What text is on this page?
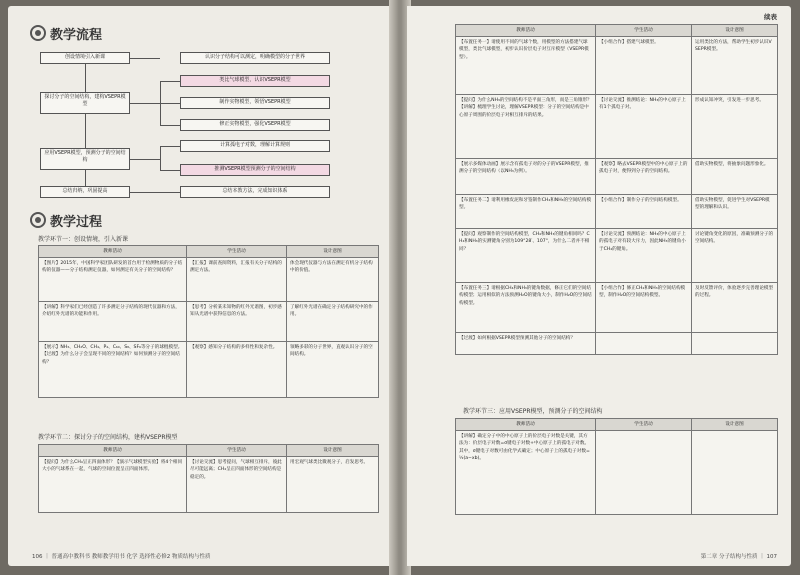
教学流程
创设情境引入新课
探讨分子的空间结构，建构VSEPR模型
应用VSEPR模型，预测分子的空间结构
总结归纳，巩固提高
认识分子结构可以测定，明确模型的分子世界
类比气球模型，认识VSEPR模型
制作实物模型，领悟VSEPR模型
修正实物模型，强化VSEPR模型
计算孤电子对数，理解计算规则
推测VSEPR模型预测分子的空间结构
总结本教方法，完成知识体系
教学过程
教学环节一：创设情境，引入新课
教师活动	学生活动	设计意图
【图片】2015年，中国科学家团队研发的首台用于检测物质的分子结构的仪器——分子结构测定仪器，如何测定有关分子的空间结构？	【汇报】课前查阅资料，汇报有关分子结构的测定方法。	体会现代仪器与方法在测定有机分子结构中的价值。
【讲解】科学家们已经创造了许多测定分子结构的现代仪器和方法，介绍红外光谱的功能和作用。	【思考】分析某未知物的红外光谱图，初步感知从光谱中获得信息的方法。	了解红外光谱在确定分子结构研究中的作用。
【展示】NH₃、CH₂O、CH₄、P₄、C₆₀、S₈、SF₆等分子的球棍模型。【过渡】为什么分子会呈现不同的空间结构？如何预测分子的空间结构？	【观察】感知分子结构的多样性和复杂性。	领略多彩的分子世界，直观认识分子的空间结构。
教学环节二：探讨分子的空间结构，建构VSEPR模型
教师活动	学生活动	设计意图
【提问】为什么CH₄呈正四面体形？【演示气球模型实验】将4个相同大小的气球系在一起，气球的空间位置呈正四面体形。	【讨论交流】思考提问，气球相互排斥，彼此尽可能远离；CH₄呈正四面体形的空间结构是稳定的。	用宏观气球类比微观分子，启发思考。
106 ｜ 普通高中教科书 教师教学用书 化学 选择性必修2 物质结构与性质
续表
教师活动	学生活动	设计意图
【布置任务一】请使用不同的气球个数，用模型的方法搭建气球模型，类比气球模型，初步认识价层电子对互斥模型（VSEPR模型）。	【小组合作】搭建气球模型。	运用类比的方法，帮助学生初步认识VSEPR模型。
【提问】为什么NH₃的空间结构不是平面三角形，而是三角锥形？【讲解】梳理学生讨论，理解VSEPR模型：分子的空间结构是中心原子周围的价层电子对相互排斥的结果。	【讨论交流】推测结论：NH₃的中心原子上有1个孤电子对。	形成认知冲突，引发进一步思考。
【展示多媒体动画】展示含有孤电子对的分子的VSEPR模型，推测分子的空间结构（以NH₃为例）。	【观察】略去VSEPR模型中的中心原子上的孤电子对，便得到分子的空间结构。	借助实物模型，将抽象问题形象化。
【布置任务二】请利用橡皮泥和牙签制作CH₄和NH₃的空间结构模型。	【小组合作】制作分子的空间结构模型。	借助实物模型，促进学生对VSEPR模型的理解和认识。
【提问】观察制作的空间结构模型，CH₄和NH₃的键角相同吗？CH₄和NH₃的实测键角分别为109°28′、107°，为什么二者并不相同？	【讨论交流】预测结论：NH₃的中心原子上的孤电子对有较大斥力，因此NH₃的键角小于CH₄的键角。	讨论键角变化的原因，准确预测分子的空间结构。
【布置任务三】请根据CH₄和NH₃的键角数据，修正它们的空间结构模型；运用相似的方法预测H₂O的键角大小，制作H₂O的空间结构模型。	【小组合作】修正CH₄和NH₃的空间结构模型，制作H₂O的空间结构模型。	及时反馈评价，体验逐步完善理论模型的过程。
【过渡】如何根据VSEPR模型预测其他分子的空间结构？		
教学环节三：应用VSEPR模型，预测分子的空间结构
教师活动	学生活动	设计意图
【讲解】确定分子中的中心原子上的价层电子对数是关键，其方法为：价层电子对数=σ键电子对数+中心原子上的孤电子对数。其中，σ键电子对数可由化学式确定；中心原子上的孤电子对数=½(a−xb)。		
第二章 分子结构与性质 ｜ 107
